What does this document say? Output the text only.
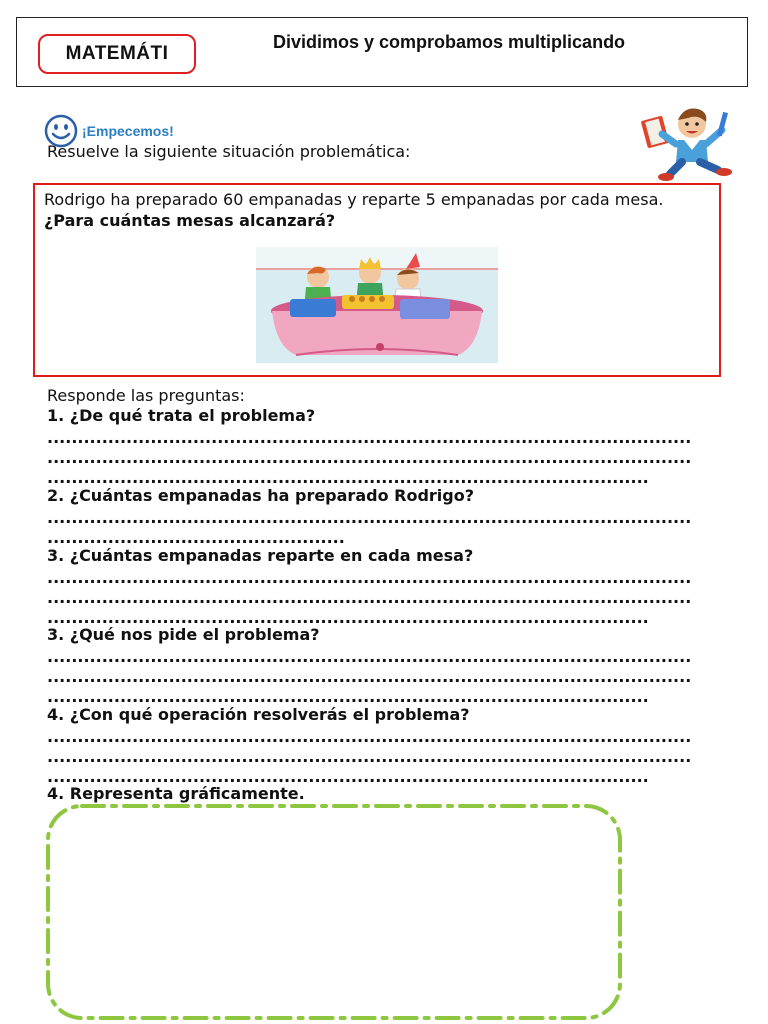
MATEMÁTI
Dividimos y comprobamos multiplicando
¡Empecemos!
Resuelve la siguiente situación problemática:
Rodrigo ha preparado 60 empanadas y reparte 5 empanadas por cada mesa. ¿Para cuántas mesas alcanzará?
Responde las preguntas:
1. ¿De qué trata el problema?
..........................................................................................................
..........................................................................................................
...................................................................................................
2. ¿Cuántas empanadas ha preparado Rodrigo?
..........................................................................................................
.................................................
3. ¿Cuántas empanadas reparte en cada mesa?
..........................................................................................................
..........................................................................................................
...................................................................................................
3. ¿Qué nos pide el problema?
..........................................................................................................
..........................................................................................................
...................................................................................................
4. ¿Con qué operación resolverás el problema?
..........................................................................................................
..........................................................................................................
...................................................................................................
4. Representa gráficamente.
